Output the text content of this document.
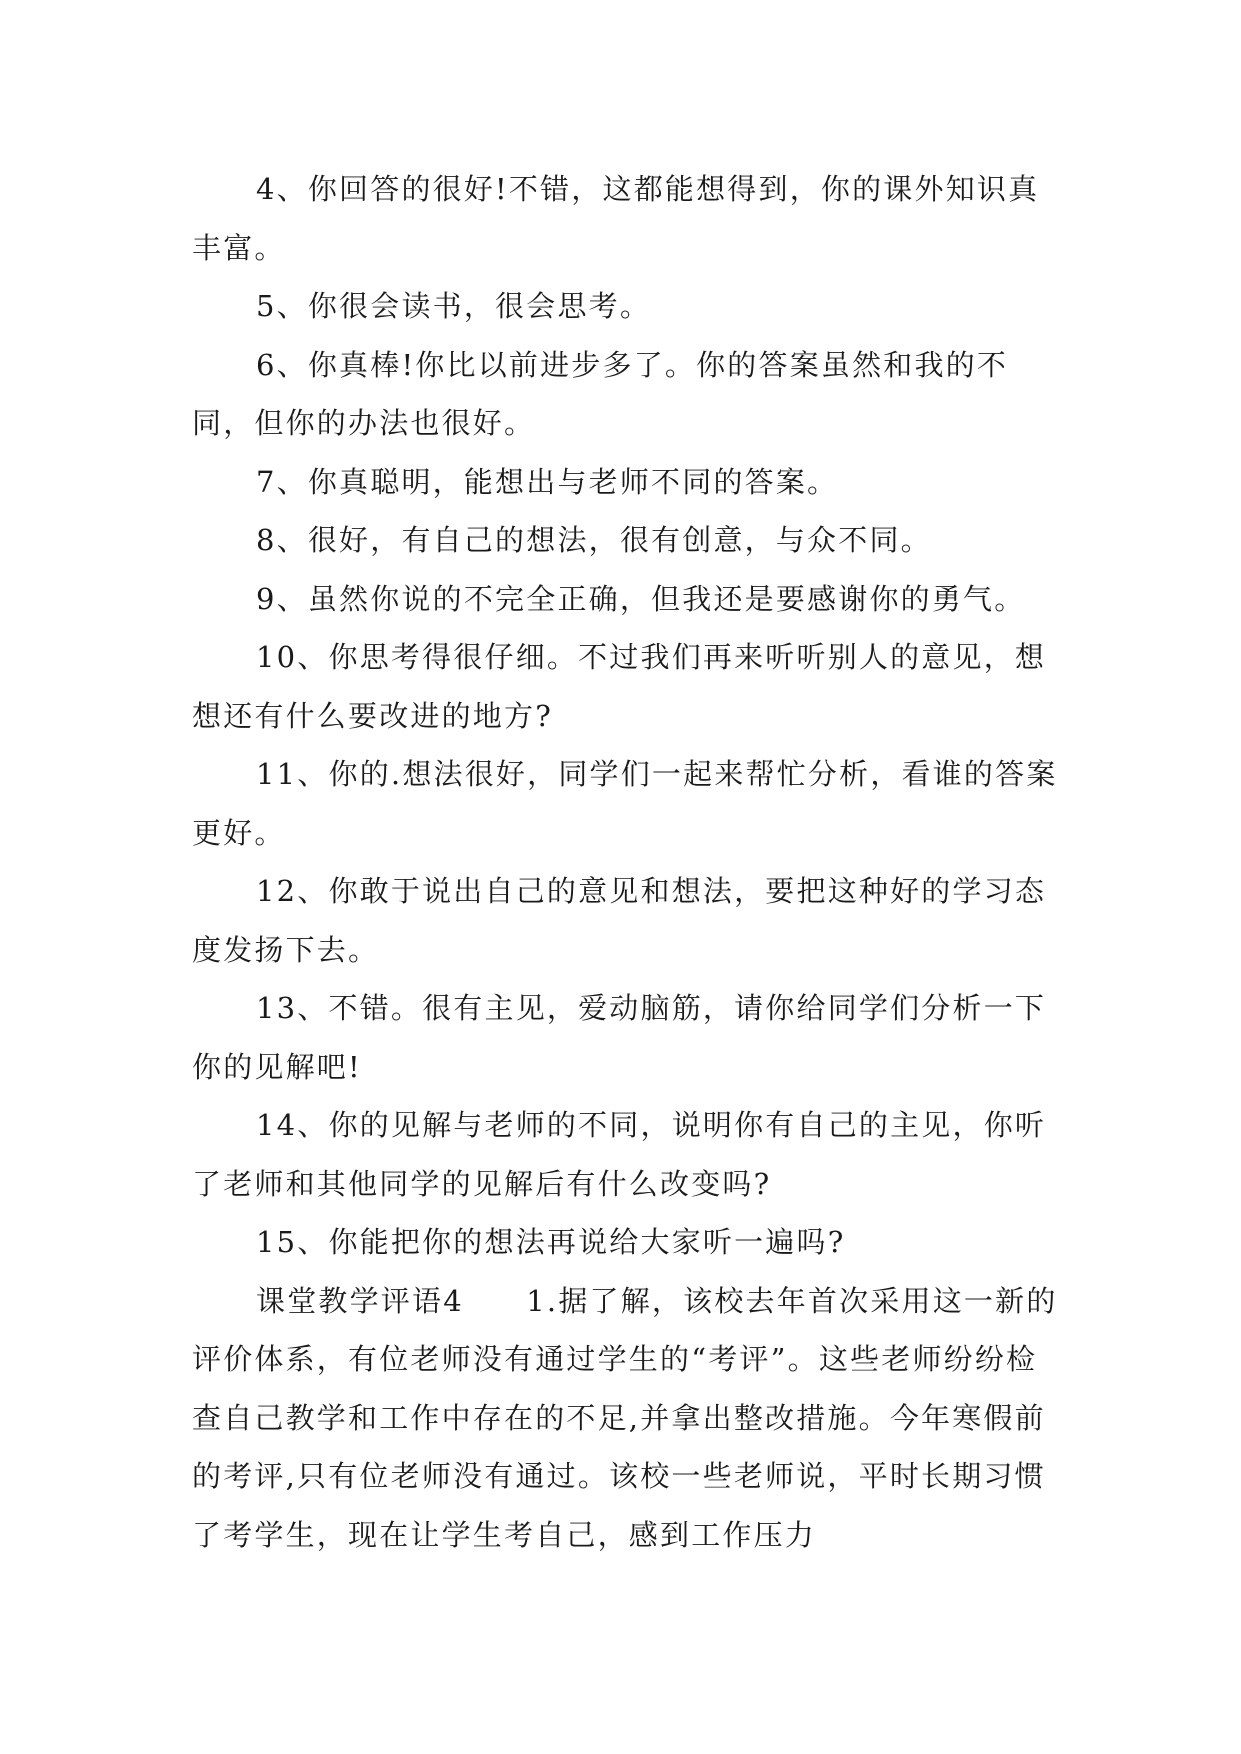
4、你回答的很好!不错，这都能想得到，你的课外知识真丰富。

5、你很会读书，很会思考。

6、你真棒!你比以前进步多了。你的答案虽然和我的不同，但你的办法也很好。

7、你真聪明，能想出与老师不同的答案。

8、很好，有自己的想法，很有创意，与众不同。

9、虽然你说的不完全正确，但我还是要感谢你的勇气。

10、你思考得很仔细。不过我们再来听听别人的意见，想想还有什么要改进的地方?

11、你的.想法很好，同学们一起来帮忙分析，看谁的答案更好。

12、你敢于说出自己的意见和想法，要把这种好的学习态度发扬下去。

13、不错。很有主见，爱动脑筋，请你给同学们分析一下你的见解吧!

14、你的见解与老师的不同，说明你有自己的主见，你听了老师和其他同学的见解后有什么改变吗?

15、你能把你的想法再说给大家听一遍吗?

课堂教学评语4　　1.据了解，该校去年首次采用这一新的评价体系，有位老师没有通过学生的“考评”。这些老师纷纷检查自己教学和工作中存在的不足,并拿出整改措施。今年寒假前的考评,只有位老师没有通过。该校一些老师说，平时长期习惯了考学生，现在让学生考自己，感到工作压力
